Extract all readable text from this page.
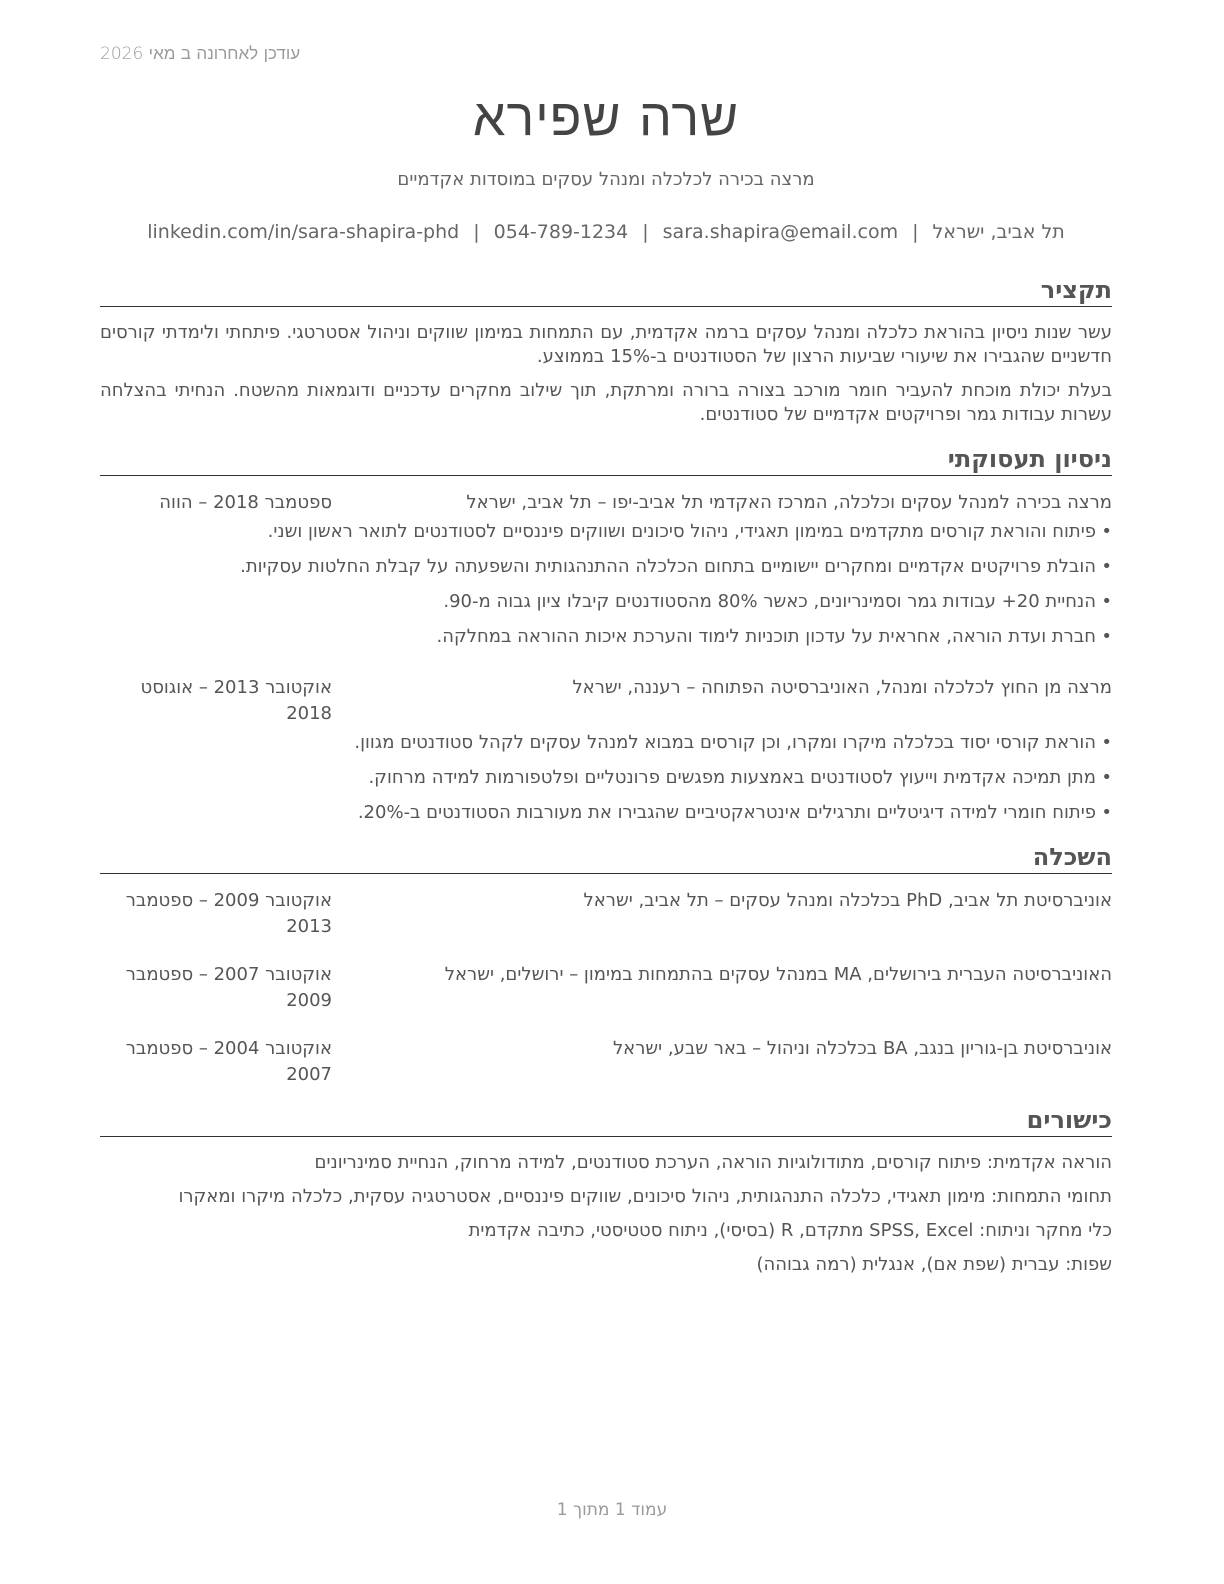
עודכן לאחרונה ב מאי 2026
שרה שפירא
מרצה בכירה לכלכלה ומנהל עסקים במוסדות אקדמיים
תל אביב, ישראל|sara.shapira@email.com|054-789-1234|linkedin.com/in/sara-shapira-phd
תקציר

עשר שנות ניסיון בהוראת כלכלה ומנהל עסקים ברמה אקדמית, עם התמחות במימון שווקים וניהול אסטרטגי. פיתחתי ולימדתי קורסים חדשניים שהגבירו את שיעורי שביעות הרצון של הסטודנטים ב-15% בממוצע.

בעלת יכולת מוכחת להעביר חומר מורכב בצורה ברורה ומרתקת, תוך שילוב מחקרים עדכניים ודוגמאות מהשטח. הנחיתי בהצלחה עשרות עבודות גמר ופרויקטים אקדמיים של סטודנטים.

ניסיון תעסוקתי
מרצה בכירה למנהל עסקים וכלכלה, המרכז האקדמי תל אביב-יפו – תל אביב, ישראל
ספטמבר 2018 – הווה
•
פיתוח והוראת קורסים מתקדמים במימון תאגידי, ניהול סיכונים ושווקים פיננסיים לסטודנטים לתואר ראשון ושני.
•
הובלת פרויקטים אקדמיים ומחקרים יישומיים בתחום הכלכלה ההתנהגותית והשפעתה על קבלת החלטות עסקיות.
•
הנחיית 20+ עבודות גמר וסמינריונים, כאשר 80% מהסטודנטים קיבלו ציון גבוה מ-90.
•
חברת ועדת הוראה, אחראית על עדכון תוכניות לימוד והערכת איכות ההוראה במחלקה.
מרצה מן החוץ לכלכלה ומנהל, האוניברסיטה הפתוחה – רעננה, ישראל
אוקטובר 2013 – אוגוסט 2018
•
הוראת קורסי יסוד בכלכלה מיקרו ומקרו, וכן קורסים במבוא למנהל עסקים לקהל סטודנטים מגוון.
•
מתן תמיכה אקדמית וייעוץ לסטודנטים באמצעות מפגשים פרונטליים ופלטפורמות למידה מרחוק.
•
פיתוח חומרי למידה דיגיטליים ותרגילים אינטראקטיביים שהגבירו את מעורבות הסטודנטים ב-20%.
השכלה
אוניברסיטת תל אביב, PhD בכלכלה ומנהל עסקים – תל אביב, ישראל
אוקטובר 2009 – ספטמבר 2013
האוניברסיטה העברית בירושלים, MA במנהל עסקים בהתמחות במימון – ירושלים, ישראל
אוקטובר 2007 – ספטמבר 2009
אוניברסיטת בן-גוריון בנגב, BA בכלכלה וניהול – באר שבע, ישראל
אוקטובר 2004 – ספטמבר 2007
כישורים
הוראה אקדמית: פיתוח קורסים, מתודולוגיות הוראה, הערכת סטודנטים, למידה מרחוק, הנחיית סמינריונים
תחומי התמחות: מימון תאגידי, כלכלה התנהגותית, ניהול סיכונים, שווקים פיננסיים, אסטרטגיה עסקית, כלכלה מיקרו ומאקרו
כלי מחקר וניתוח: SPSS, Excel מתקדם, R (בסיסי), ניתוח סטטיסטי, כתיבה אקדמית
שפות: עברית (שפת אם), אנגלית (רמה גבוהה)
עמוד 1 מתוך 1
